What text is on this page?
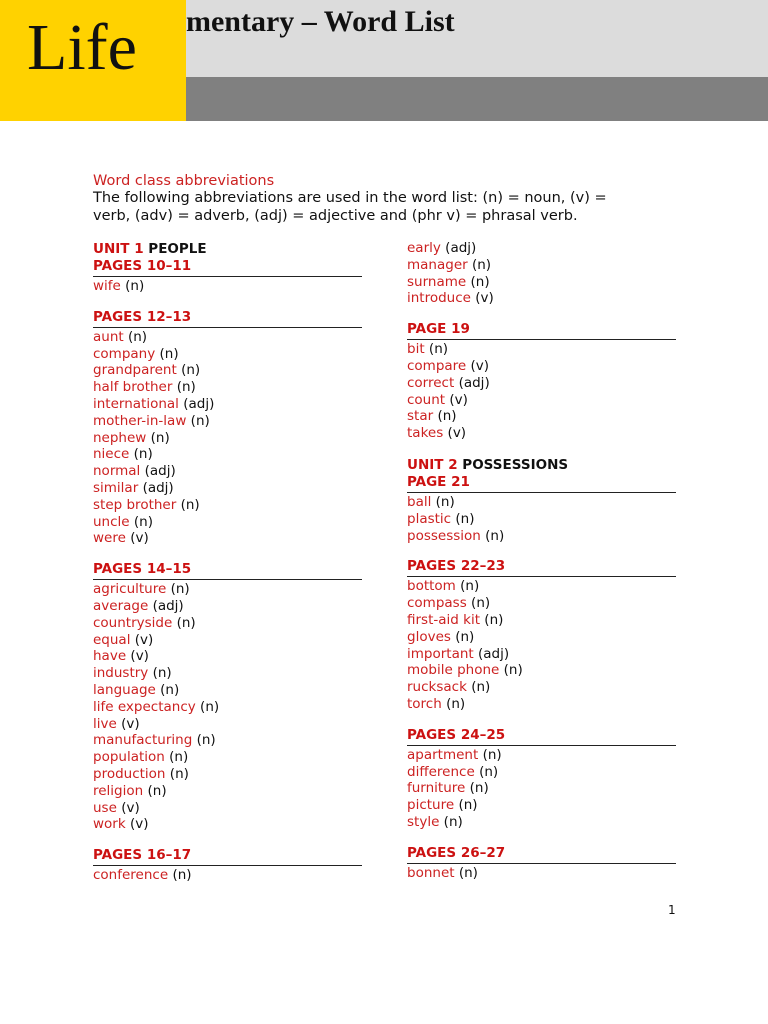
mentary – Word List
Life
Word class abbreviations
The following abbreviations are used in the word list: (n) = noun, (v) =
verb, (adv) = adverb, (adj) = adjective and (phr v) = phrasal verb.
UNIT 1 PEOPLE
PAGES 10–11
wife (n)
PAGES 12–13
aunt (n)
company (n)
grandparent (n)
half brother (n)
international (adj)
mother-in-law (n)
nephew (n)
niece (n)
normal (adj)
similar (adj)
step brother (n)
uncle (n)
were (v)
PAGES 14–15
agriculture (n)
average (adj)
countryside (n)
equal (v)
have (v)
industry (n)
language (n)
life expectancy (n)
live (v)
manufacturing (n)
population (n)
production (n)
religion (n)
use (v)
work (v)
PAGES 16–17
conference (n)
early (adj)
manager (n)
surname (n)
introduce (v)
PAGE 19
bit (n)
compare (v)
correct (adj)
count (v)
star (n)
takes (v)
UNIT 2 POSSESSIONS
PAGE 21
ball (n)
plastic (n)
possession (n)
PAGES 22–23
bottom (n)
compass (n)
first-aid kit (n)
gloves (n)
important (adj)
mobile phone (n)
rucksack (n)
torch (n)
PAGES 24–25
apartment (n)
difference (n)
furniture (n)
picture (n)
style (n)
PAGES 26–27
bonnet (n)
1
